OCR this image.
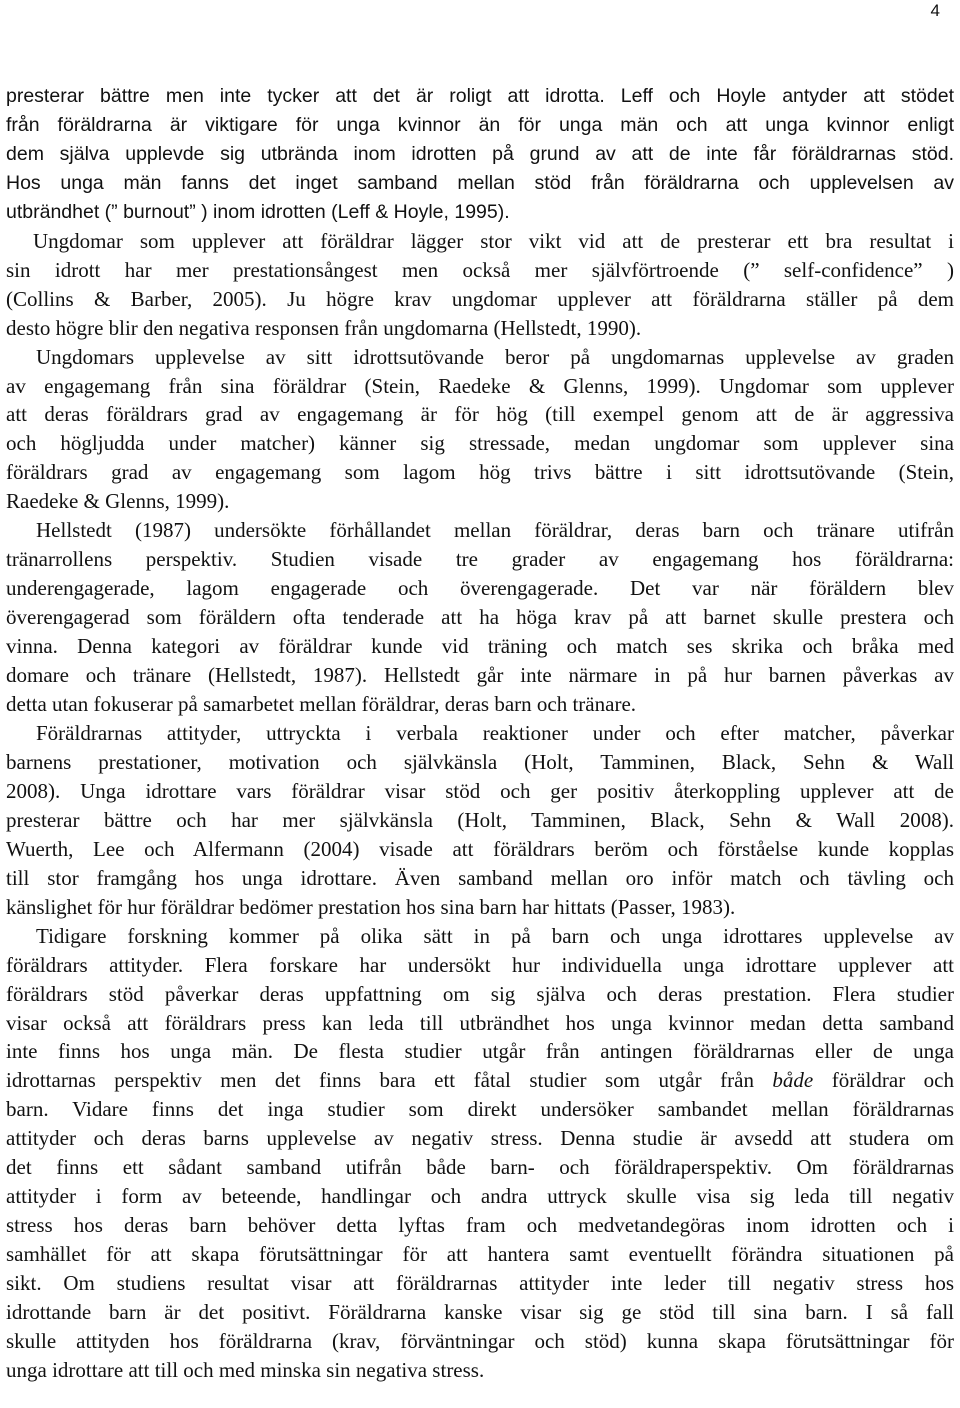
4
presterar bättre men inte tycker att det är roligt att idrotta. Leff och Hoyle antyder att stödet
från föräldrarna är viktigare för unga kvinnor än för unga män och att unga kvinnor enligt
dem själva upplevde sig utbrända inom idrotten på grund av att de inte får föräldrarnas stöd.
Hos unga män fanns det inget samband mellan stöd från föräldrarna och upplevelsen av
utbrändhet (” burnout” ) inom idrotten (Leff & Hoyle, 1995).
Ungdomar som upplever att föräldrar lägger stor vikt vid att de presterar ett bra resultat i
sin idrott har mer prestationsångest men också mer självförtroende (” self-confidence” )
(Collins & Barber, 2005). Ju högre krav ungdomar upplever att föräldrarna ställer på dem
desto högre blir den negativa responsen från ungdomarna (Hellstedt, 1990).
Ungdomars upplevelse av sitt idrottsutövande beror på ungdomarnas upplevelse av graden
av engagemang från sina föräldrar (Stein, Raedeke & Glenns, 1999). Ungdomar som upplever
att deras föräldrars grad av engagemang är för hög (till exempel genom att de är aggressiva
och högljudda under matcher) känner sig stressade, medan ungdomar som upplever sina
föräldrars grad av engagemang som lagom hög trivs bättre i sitt idrottsutövande (Stein,
Raedeke & Glenns, 1999).
Hellstedt (1987) undersökte förhållandet mellan föräldrar, deras barn och tränare utifrån
tränarrollens perspektiv. Studien visade tre grader av engagemang hos föräldrarna:
underengagerade, lagom engagerade och överengagerade. Det var när föräldern blev
överengagerad som föräldern ofta tenderade att ha höga krav på att barnet skulle prestera och
vinna. Denna kategori av föräldrar kunde vid träning och match ses skrika och bråka med
domare och tränare (Hellstedt, 1987). Hellstedt går inte närmare in på hur barnen påverkas av
detta utan fokuserar på samarbetet mellan föräldrar, deras barn och tränare.
Föräldrarnas attityder, uttryckta i verbala reaktioner under och efter matcher, påverkar
barnens prestationer, motivation och självkänsla (Holt, Tamminen, Black, Sehn & Wall
2008). Unga idrottare vars föräldrar visar stöd och ger positiv återkoppling upplever att de
presterar bättre och har mer självkänsla (Holt, Tamminen, Black, Sehn & Wall 2008).
Wuerth, Lee och Alfermann (2004) visade att föräldrars beröm och förståelse kunde kopplas
till stor framgång hos unga idrottare. Även samband mellan oro inför match och tävling och
känslighet för hur föräldrar bedömer prestation hos sina barn har hittats (Passer, 1983).
Tidigare forskning kommer på olika sätt in på barn och unga idrottares upplevelse av
föräldrars attityder. Flera forskare har undersökt hur individuella unga idrottare upplever att
föräldrars stöd påverkar deras uppfattning om sig själva och deras prestation. Flera studier
visar också att föräldrars press kan leda till utbrändhet hos unga kvinnor medan detta samband
inte finns hos unga män. De flesta studier utgår från antingen föräldrarnas eller de unga
idrottarnas perspektiv men det finns bara ett fåtal studier som utgår från både föräldrar och
barn. Vidare finns det inga studier som direkt undersöker sambandet mellan föräldrarnas
attityder och deras barns upplevelse av negativ stress. Denna studie är avsedd att studera om
det finns ett sådant samband utifrån både barn- och föräldraperspektiv. Om föräldrarnas
attityder i form av beteende, handlingar och andra uttryck skulle visa sig leda till negativ
stress hos deras barn behöver detta lyftas fram och medvetandegöras inom idrotten och i
samhället för att skapa förutsättningar för att hantera samt eventuellt förändra situationen på
sikt. Om studiens resultat visar att föräldrarnas attityder inte leder till negativ stress hos
idrottande barn är det positivt. Föräldrarna kanske visar sig ge stöd till sina barn. I så fall
skulle attityden hos föräldrarna (krav, förväntningar och stöd) kunna skapa förutsättningar för
unga idrottare att till och med minska sin negativa stress.
